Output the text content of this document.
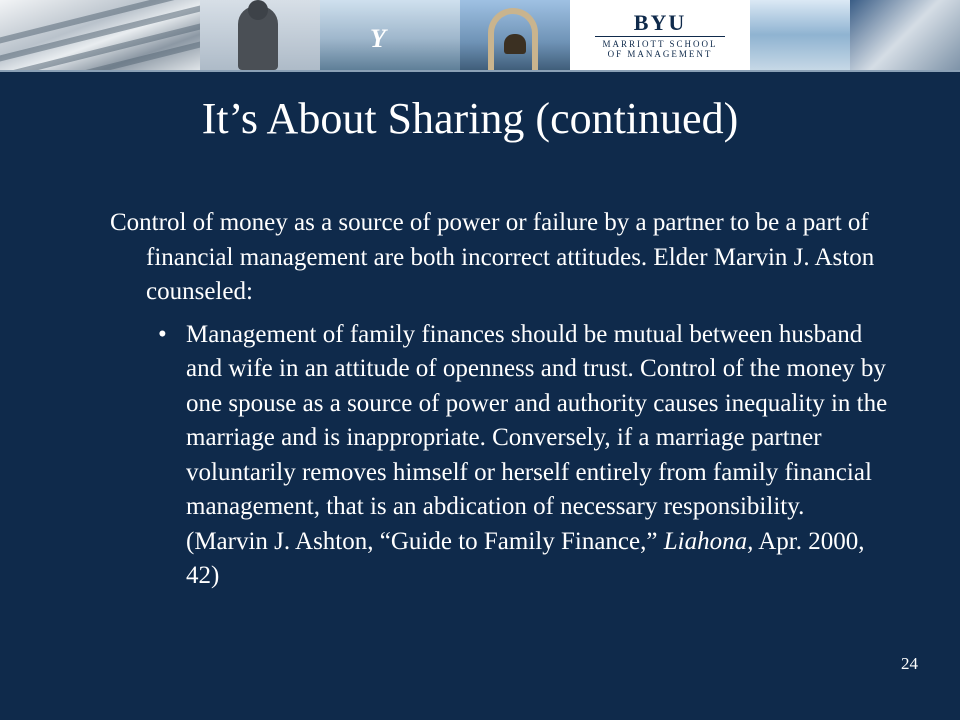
Y
BYU
MARRIOTT SCHOOL
OF MANAGEMENT
It’s About Sharing (continued)

Control of money as a source of power or failure by a partner to be a part of financial management are both incorrect attitudes. Elder Marvin J. Aston counseled:

• Management of family finances should be mutual between husband and wife in an attitude of openness and trust. Control of the money by one spouse as a source of power and authority causes inequality in the marriage and is inappropriate. Conversely, if a marriage partner voluntarily removes himself or herself entirely from family financial management, that is an abdication of necessary responsibility. (Marvin J. Ashton, “Guide to Family Finance,” Liahona, Apr. 2000, 42)
24
